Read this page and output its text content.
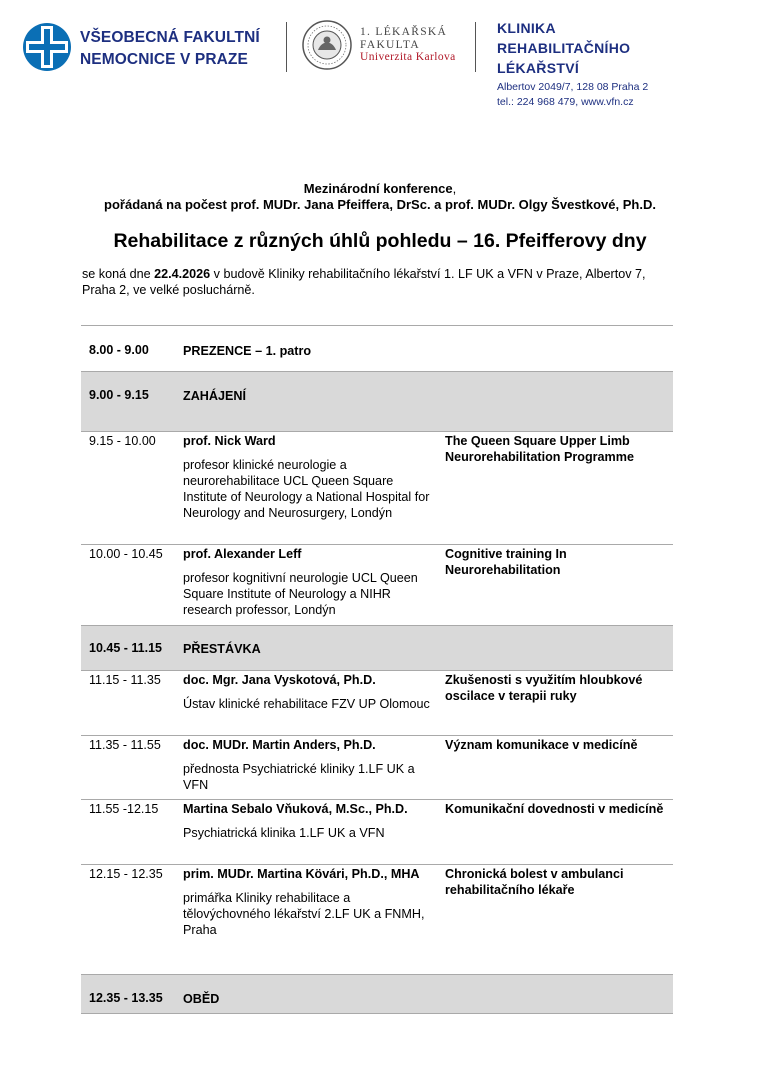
VŠEOBECNÁ FAKULTNÍ
NEMOCNICE V PRAZE
1. LÉKAŘSKÁ
FAKULTA
Univerzita Karlova
KLINIKA
REHABILITAČNÍHO
LÉKAŘSTVÍ
Albertov 2049/7, 128 08 Praha 2
tel.: 224 968 479, www.vfn.cz
Mezinárodní konference,
pořádaná na počest prof. MUDr. Jana Pfeiffera, DrSc. a prof. MUDr. Olgy Švestkové, Ph.D.
Rehabilitace z různých úhlů pohledu – 16. Pfeifferovy dny
se koná dne 22.4.2026 v budově Kliniky rehabilitačního lékařství 1. LF UK a VFN v Praze, Albertov 7, Praha 2, ve velké posluchárně.
8.00 - 9.00	PREZENCE – 1. patro
9.00 - 9.15	ZAHÁJENÍ
9.15 - 10.00 prof. Nick Ward
profesor klinické neurologie a neurorehabilitace UCL Queen Square Institute of Neurology a National Hospital for Neurology and Neurosurgery, Londýn
The Queen Square Upper Limb Neurorehabilitation Programme
10.00 - 10.45 prof. Alexander Leff
profesor kognitivní neurologie UCL Queen Square Institute of Neurology a NIHR research professor, Londýn
Cognitive training In Neurorehabilitation
10.45 - 11.15 PŘESTÁVKA
11.15 - 11.35 doc. Mgr. Jana Vyskotová, Ph.D.
Ústav klinické rehabilitace FZV UP Olomouc
Zkušenosti s využitím hloubkové oscilace v terapii ruky
11.35 - 11.55 doc. MUDr. Martin Anders, Ph.D.
přednosta Psychiatrické kliniky 1.LF UK a VFN
Význam komunikace v medicíně
11.55 -12.15 Martina Sebalo Vňuková, M.Sc., Ph.D.
Psychiatrická klinika 1.LF UK a VFN
Komunikační dovednosti v medicíně
12.15 - 12.35 prim. MUDr. Martina Kövári, Ph.D., MHA
primářka Kliniky rehabilitace a tělovýchovného lékařství 2.LF UK a FNMH, Praha
Chronická bolest v ambulanci rehabilitačního lékaře
12.35 - 13.35 OBĚD
